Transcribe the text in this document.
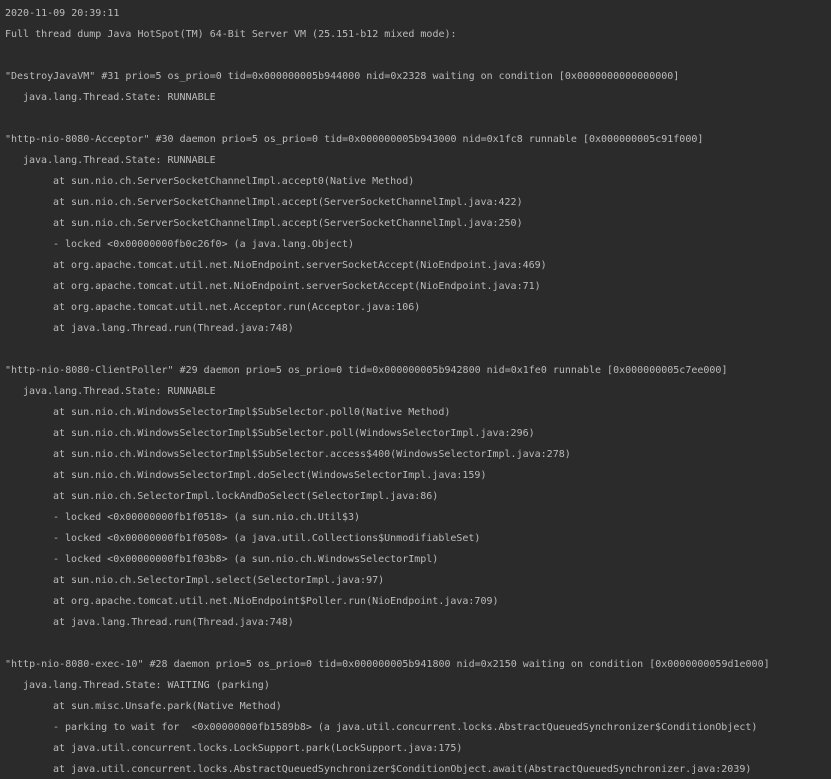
2020-11-09 20:39:11
Full thread dump Java HotSpot(TM) 64-Bit Server VM (25.151-b12 mixed mode):
"DestroyJavaVM" #31 prio=5 os_prio=0 tid=0x000000005b944000 nid=0x2328 waiting on condition [0x0000000000000000]
java.lang.Thread.State: RUNNABLE
"http-nio-8080-Acceptor" #30 daemon prio=5 os_prio=0 tid=0x000000005b943000 nid=0x1fc8 runnable [0x000000005c91f000]
java.lang.Thread.State: RUNNABLE
at sun.nio.ch.ServerSocketChannelImpl.accept0(Native Method)
at sun.nio.ch.ServerSocketChannelImpl.accept(ServerSocketChannelImpl.java:422)
at sun.nio.ch.ServerSocketChannelImpl.accept(ServerSocketChannelImpl.java:250)
- locked <0x00000000fb0c26f0> (a java.lang.Object)
at org.apache.tomcat.util.net.NioEndpoint.serverSocketAccept(NioEndpoint.java:469)
at org.apache.tomcat.util.net.NioEndpoint.serverSocketAccept(NioEndpoint.java:71)
at org.apache.tomcat.util.net.Acceptor.run(Acceptor.java:106)
at java.lang.Thread.run(Thread.java:748)
"http-nio-8080-ClientPoller" #29 daemon prio=5 os_prio=0 tid=0x000000005b942800 nid=0x1fe0 runnable [0x000000005c7ee000]
java.lang.Thread.State: RUNNABLE
at sun.nio.ch.WindowsSelectorImpl$SubSelector.poll0(Native Method)
at sun.nio.ch.WindowsSelectorImpl$SubSelector.poll(WindowsSelectorImpl.java:296)
at sun.nio.ch.WindowsSelectorImpl$SubSelector.access$400(WindowsSelectorImpl.java:278)
at sun.nio.ch.WindowsSelectorImpl.doSelect(WindowsSelectorImpl.java:159)
at sun.nio.ch.SelectorImpl.lockAndDoSelect(SelectorImpl.java:86)
- locked <0x00000000fb1f0518> (a sun.nio.ch.Util$3)
- locked <0x00000000fb1f0508> (a java.util.Collections$UnmodifiableSet)
- locked <0x00000000fb1f03b8> (a sun.nio.ch.WindowsSelectorImpl)
at sun.nio.ch.SelectorImpl.select(SelectorImpl.java:97)
at org.apache.tomcat.util.net.NioEndpoint$Poller.run(NioEndpoint.java:709)
at java.lang.Thread.run(Thread.java:748)
"http-nio-8080-exec-10" #28 daemon prio=5 os_prio=0 tid=0x000000005b941800 nid=0x2150 waiting on condition [0x0000000059d1e000]
java.lang.Thread.State: WAITING (parking)
at sun.misc.Unsafe.park(Native Method)
- parking to wait for  <0x00000000fb1589b8> (a java.util.concurrent.locks.AbstractQueuedSynchronizer$ConditionObject)
at java.util.concurrent.locks.LockSupport.park(LockSupport.java:175)
at java.util.concurrent.locks.AbstractQueuedSynchronizer$ConditionObject.await(AbstractQueuedSynchronizer.java:2039)
